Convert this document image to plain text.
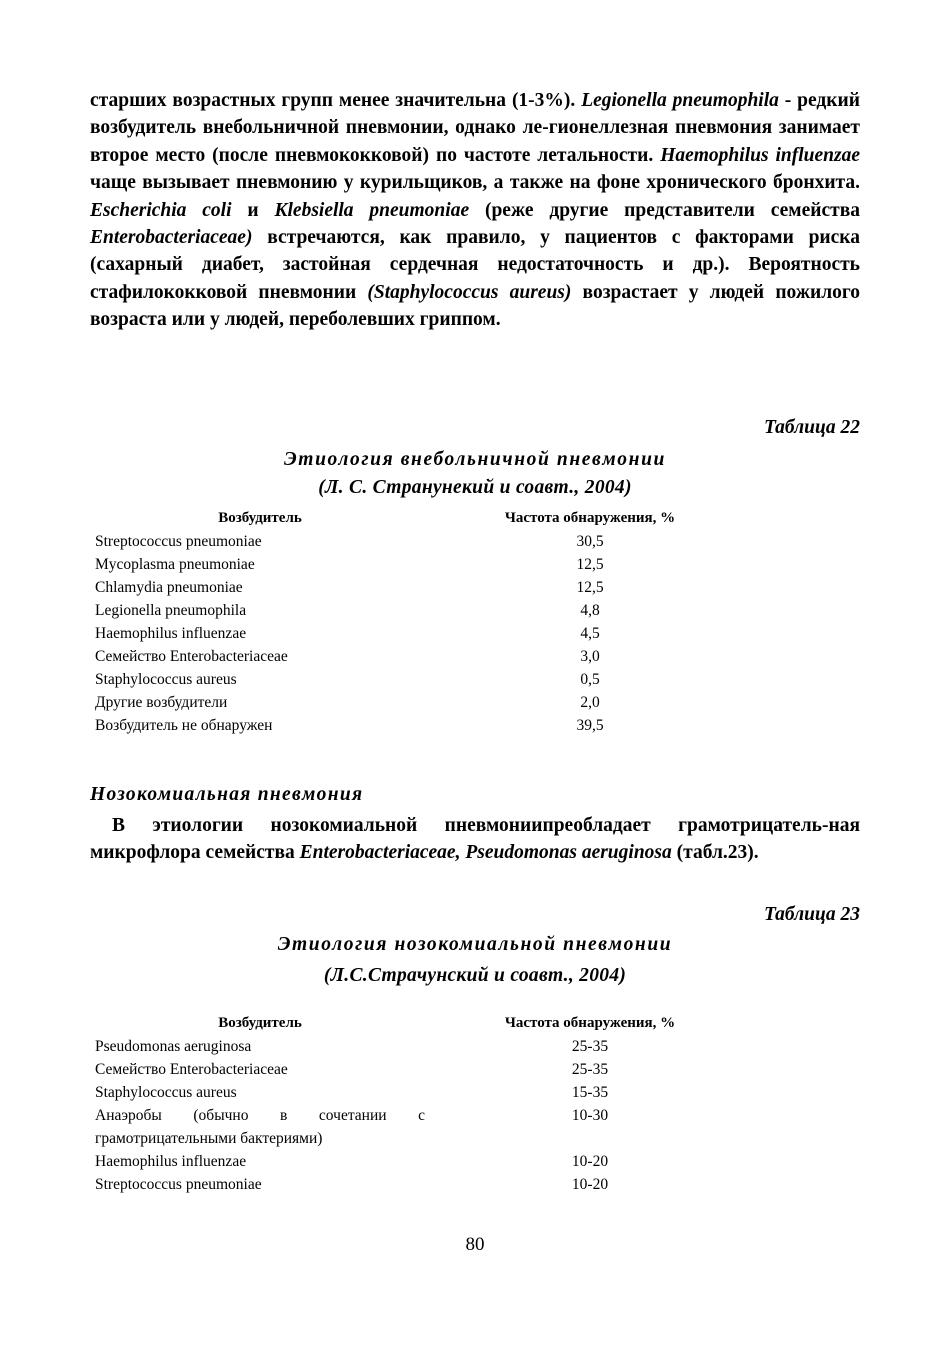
старших возрастных групп менее значительна (1-3%). Legionella pneumophila - редкий возбудитель внебольничной пневмонии, однако ле-гионеллезная пневмония занимает второе место (после пневмококковой) по частоте летальности. Haemophilus influenzae чаще вызывает пневмонию у курильщиков, а также на фоне хронического бронхита. Escherichia coli и Klebsiella pneumoniae (реже другие представители семейства Enterobacteriaceae) встречаются, как правило, у пациентов с факторами риска (сахарный диабет, застойная сердечная недостаточность и др.). Вероятность стафилококковой пневмонии (Staphylococcus aureus) возрастает у людей пожилого возраста или у людей, переболевших гриппом.

Таблица 22
Этиология внебольничной пневмонии
(Л. С. Странунекий и соавт., 2004)
Возбудитель	Частота обнаружения, %
Streptococcus pneumoniae	30,5
Mycoplasma pneumoniae	12,5
Chlamydia pneumoniae	12,5
Legionella pneumophila	4,8
Haemophilus influenzae	4,5
Семейство Enterobacteriaceae	3,0
Staphylococcus aureus	0,5
Другие возбудители	2,0
Возбудитель не обнаружен	39,5
Нозокомиальная пневмония

В этиологии нозокомиальной пневмониипреобладает грамотрицатель-ная микрофлора семейства Enterobacteriaceae, Pseudomonas aeruginosa (табл.23).

Таблица 23
Этиология нозокомиальной пневмонии
(Л.С.Страчунский и соавт., 2004)
Возбудитель	Частота обнаружения, %
Pseudomonas aeruginosa	25-35
Семейство Enterobacteriaceae	25-35
Staphylococcus aureus	15-35
Анаэробы (обычно в сочетании с грамотрицательными бактериями)	10-30
Haemophilus influenzae	10-20
Streptococcus pneumoniae	10-20
80
